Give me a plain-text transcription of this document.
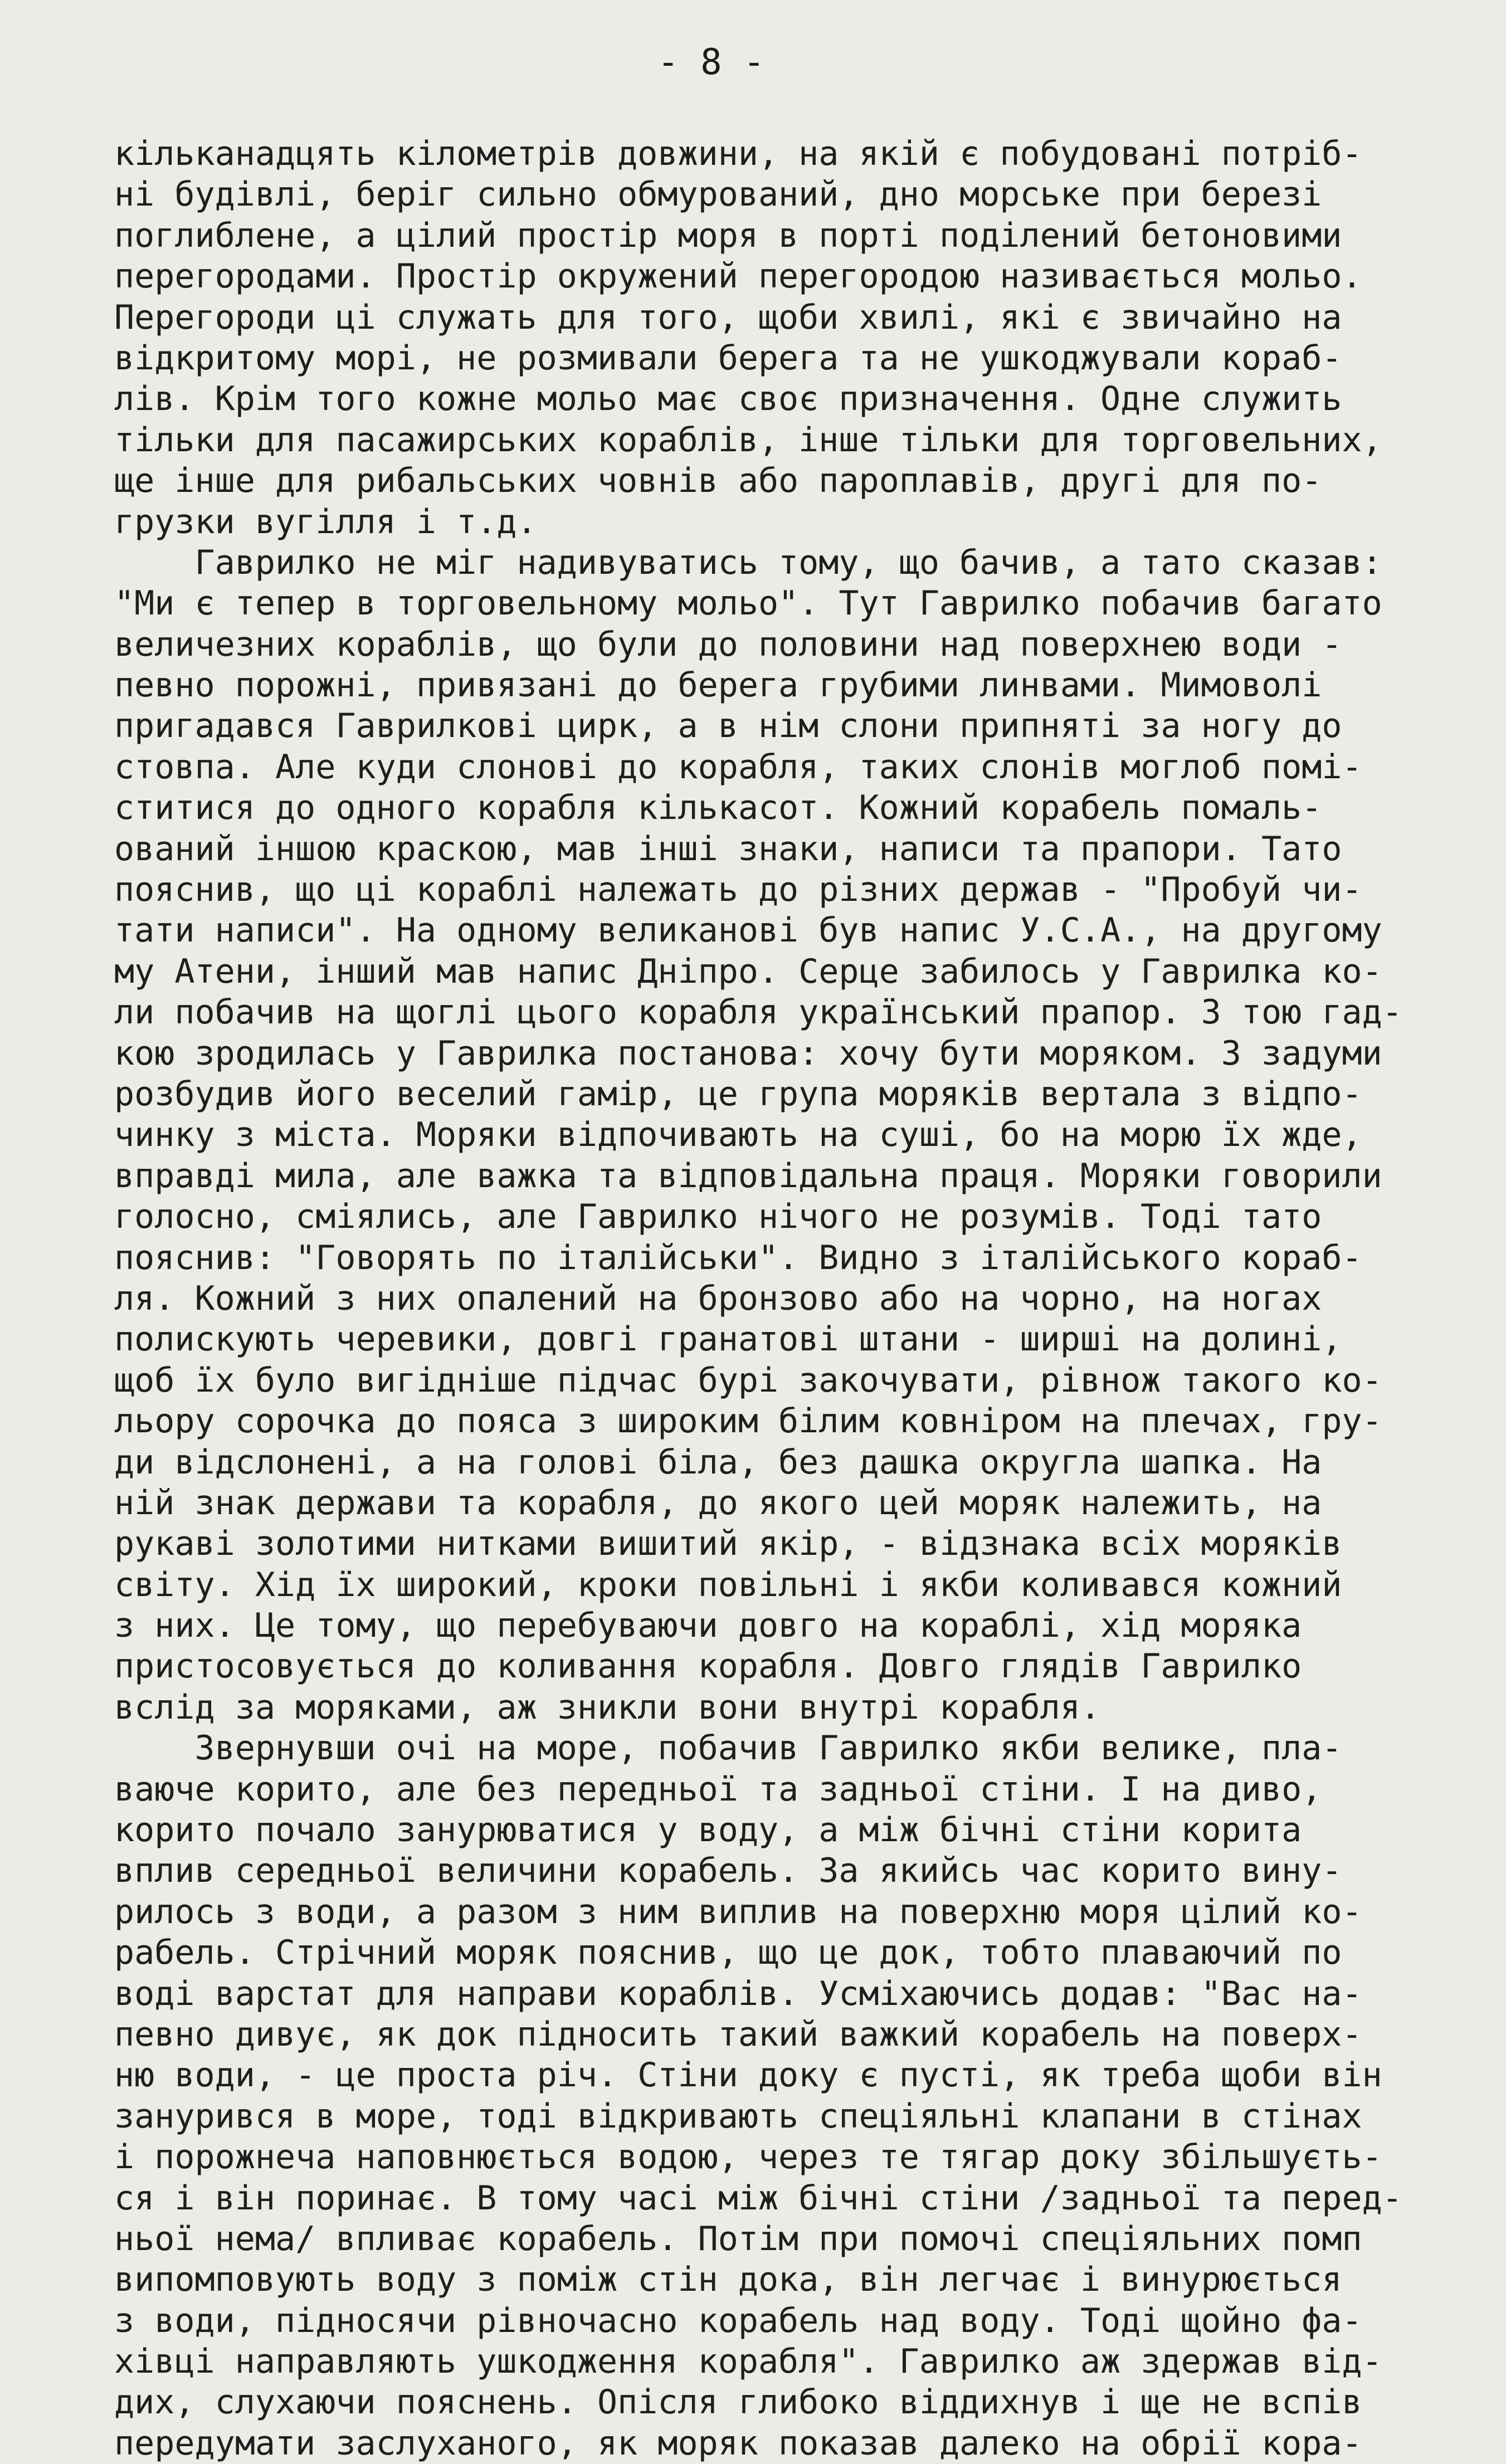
- 8 -
кільканадцять кілометрів довжини, на якій є побудовані потріб-
ні будівлі, беріг сильно обмурований, дно морське при березі
поглиблене, а цілий простір моря в порті поділений бетоновими
перегородами. Простір окружений перегородою називається мольо.
Перегороди ці служать для того, щоби хвилі, які є звичайно на
відкритому морі, не розмивали берега та не ушкоджували кораб-
лів. Крім того кожне мольо має своє призначення. Одне служить
тільки для пасажирських кораблів, інше тільки для торговельних,
ще інше для рибальських човнів або пароплавів, другі для по-
грузки вугілля і т.д.
Гаврилко не міг надивуватись тому, що бачив, а тато сказав:
"Ми є тепер в торговельному мольо". Тут Гаврилко побачив багато
величезних кораблів, що були до половини над поверхнею води -
певно порожні, привязані до берега грубими линвами. Мимоволі
пригадався Гаврилкові цирк, а в нім слони припняті за ногу до
стовпа. Але куди слонові до корабля, таких слонів моглоб помі-
ститися до одного корабля кількасот. Кожний корабель помаль-
ований іншою краскою, мав інші знаки, написи та прапори. Тато
пояснив, що ці кораблі належать до різних держав - "Пробуй чи-
тати написи". На одному великанові був напис У.С.А., на другому
му Атени, інший мав напис Дніпро. Серце забилось у Гаврилка ко-
ли побачив на щоглі цього корабля український прапор. З тою гад-
кою зродилась у Гаврилка постанова: хочу бути моряком. З задуми
розбудив його веселий гамір, це група моряків вертала з відпо-
чинку з міста. Моряки відпочивають на суші, бо на морю їх жде,
вправді мила, але важка та відповідальна праця. Моряки говорили
голосно, сміялись, але Гаврилко нічого не розумів. Тоді тато
пояснив: "Говорять по італійськи". Видно з італійського кораб-
ля. Кожний з них опалений на бронзово або на чорно, на ногах
полискують черевики, довгі гранатові штани - ширші на долині,
щоб їх було вигідніше підчас бурі закочувати, рівнож такого ко-
льору сорочка до пояса з широким білим ковніром на плечах, гру-
ди відслонені, а на голові біла, без дашка округла шапка. На
ній знак держави та корабля, до якого цей моряк належить, на
рукаві золотими нитками вишитий якір, - відзнака всіх моряків
світу. Хід їх широкий, кроки повільні і якби коливався кожний
з них. Це тому, що перебуваючи довго на кораблі, хід моряка
пристосовується до коливання корабля. Довго глядів Гаврилко
вслід за моряками, аж зникли вони внутрі корабля.
Звернувши очі на море, побачив Гаврилко якби велике, пла-
ваюче корито, але без передньої та задньої стіни. І на диво,
корито почало занурюватися у воду, а між бічні стіни корита
вплив середньої величини корабель. За якийсь час корито вину-
рилось з води, а разом з ним виплив на поверхню моря цілий ко-
рабель. Стрічний моряк пояснив, що це док, тобто плаваючий по
воді варстат для направи кораблів. Усміхаючись додав: "Вас на-
певно дивує, як док підносить такий важкий корабель на поверх-
ню води, - це проста річ. Стіни доку є пусті, як треба щоби він
занурився в море, тоді відкривають спеціяльні клапани в стінах
і порожнеча наповнюється водою, через те тягар доку збільшуєть-
ся і він поринає. В тому часі між бічні стіни /задньої та перед-
ньої нема/ впливає корабель. Потім при помочі спеціяльних помп
випомповують воду з поміж стін дока, він легчає і винурюється
з води, підносячи рівночасно корабель над воду. Тоді щойно фа-
хівці направляють ушкодження корабля". Гаврилко аж здержав від-
дих, слухаючи пояснень. Опісля глибоко віддихнув і ще не вспів
передумати заслуханого, як моряк показав далеко на обрії кора-
